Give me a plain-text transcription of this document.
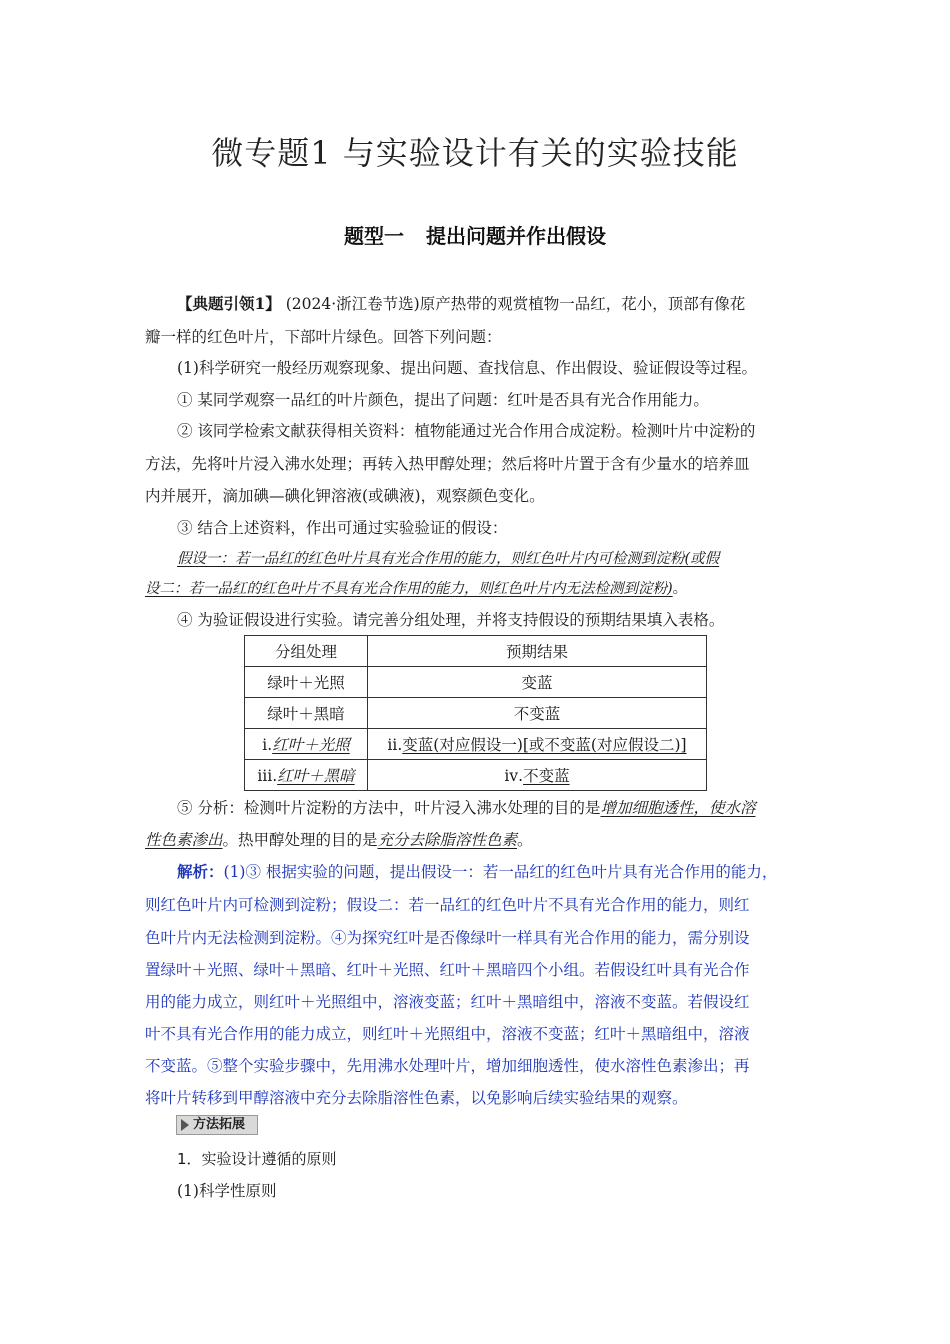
微专题1 与实验设计有关的实验技能
题型一 提出问题并作出假设
【典题引领1】 (2024·浙江卷节选)原产热带的观赏植物一品红，花小，顶部有像花
瓣一样的红色叶片，下部叶片绿色。回答下列问题：
(1)科学研究一般经历观察现象、提出问题、查找信息、作出假设、验证假设等过程。
① 某同学观察一品红的叶片颜色，提出了问题：红叶是否具有光合作用能力。
② 该同学检索文献获得相关资料：植物能通过光合作用合成淀粉。检测叶片中淀粉的
方法，先将叶片浸入沸水处理；再转入热甲醇处理；然后将叶片置于含有少量水的培养皿
内并展开，滴加碘—碘化钾溶液(或碘液)，观察颜色变化。
③ 结合上述资料，作出可通过实验验证的假设：
假设一：若一品红的红色叶片具有光合作用的能力，则红色叶片内可检测到淀粉(或假
设二：若一品红的红色叶片不具有光合作用的能力，则红色叶片内无法检测到淀粉)。
④ 为验证假设进行实验。请完善分组处理，并将支持假设的预期结果填入表格。
分组处理	预期结果
绿叶＋光照	变蓝
绿叶＋黑暗	不变蓝
ⅰ.红叶＋光照	ⅱ.变蓝(对应假设一)[或不变蓝(对应假设二)]
ⅲ.红叶＋黑暗	ⅳ.不变蓝
⑤ 分析：检测叶片淀粉的方法中，叶片浸入沸水处理的目的是增加细胞透性，使水溶
性色素渗出。热甲醇处理的目的是充分去除脂溶性色素。
解析：(1)③ 根据实验的问题，提出假设一：若一品红的红色叶片具有光合作用的能力，
则红色叶片内可检测到淀粉；假设二：若一品红的红色叶片不具有光合作用的能力，则红
色叶片内无法检测到淀粉。④为探究红叶是否像绿叶一样具有光合作用的能力，需分别设
置绿叶＋光照、绿叶＋黑暗、红叶＋光照、红叶＋黑暗四个小组。若假设红叶具有光合作
用的能力成立，则红叶＋光照组中，溶液变蓝；红叶＋黑暗组中，溶液不变蓝。若假设红
叶不具有光合作用的能力成立，则红叶＋光照组中，溶液不变蓝；红叶＋黑暗组中，溶液
不变蓝。⑤整个实验步骤中，先用沸水处理叶片，增加细胞透性，使水溶性色素渗出；再
将叶片转移到甲醇溶液中充分去除脂溶性色素，以免影响后续实验结果的观察。
方法拓展
1．实验设计遵循的原则
(1)科学性原则
